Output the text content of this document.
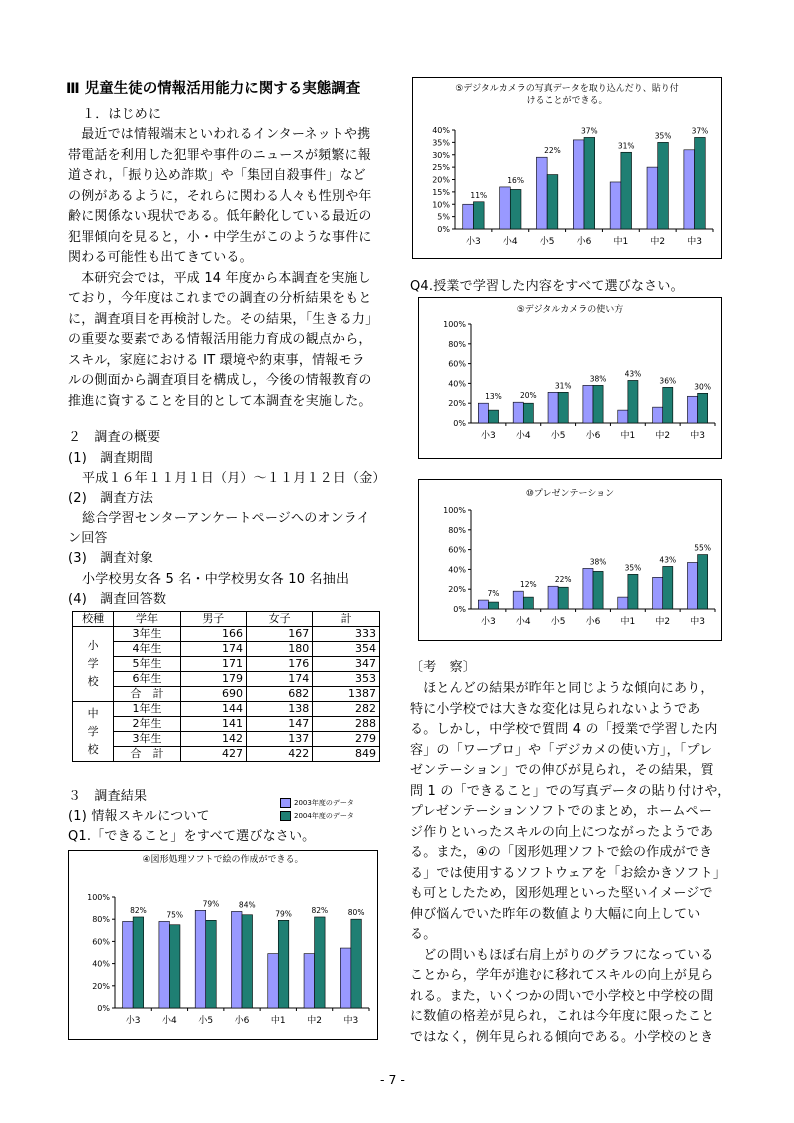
Ⅲ 児童生徒の情報活用能力に関する実態調査
１．はじめに
　最近では情報端末といわれるインターネットや携
帯電話を利用した犯罪や事件のニュースが頻繁に報
道され，「振り込め詐欺」や「集団自殺事件」など
の例があるように，それらに関わる人々も性別や年
齢に関係ない現状である。低年齢化している最近の
犯罪傾向を見ると，小・中学生がこのような事件に
関わる可能性も出てきている。
　本研究会では，平成 14 年度から本調査を実施し
ており，今年度はこれまでの調査の分析結果をもと
に，調査項目を再検討した。その結果，「生きる力」
の重要な要素である情報活用能力育成の観点から，
スキル，家庭における IT 環境や約束事，情報モラ
ルの側面から調査項目を構成し，今後の情報教育の
推進に資することを目的として本調査を実施した。
２　調査の概要
(1)　調査期間
平成１６年１１月１日（月）～１１月１２日（金）
(2)　調査方法
総合学習センターアンケートページへのオンライ
ン回答
(3)　調査対象
小学校男女各 5 名・中学校男女各 10 名抽出
(4)　調査回答数
校種	学年	男子	女子	計

小
学
校	3年生	166	167	333
	4年生	174	180	354
	5年生	171	176	347
	6年生	179	174	353
	合　計	690	682	1387

中
学
校	1年生	144	138	282
	2年生	141	147	288
	3年生	142	137	279
	合　計	427	422	849
３　調査結果
(1) 情報スキルについて
Q1.「できること」をすべて選びなさい。
2003年度のデータ
2004年度のデータ
④図形処理ソフトで絵の作成ができる。
0%
20%
40%
60%
80%
100%
小3
82%
小4
75%
小5
79%
小6
84%
中1
79%
中2
82%
中3
80%
⑤デジタルカメラの写真データを取り込んだり、貼り付
けることができる。
0%
5%
10%
15%
20%
25%
30%
35%
40%
小3
11%
小4
16%
小5
22%
小6
37%
中1
31%
中2
35%
中3
37%
Q4.授業で学習した内容をすべて選びなさい。
⑤デジタルカメラの使い方
0%
20%
40%
60%
80%
100%
小3
13%
小4
20%
小5
31%
小6
38%
中1
43%
中2
36%
中3
30%
⑩プレゼンテーション
0%
20%
40%
60%
80%
100%
小3
7%
小4
12%
小5
22%
小6
38%
中1
35%
中2
43%
中3
55%
〔考　察〕
　ほとんどの結果が昨年と同じような傾向にあり，
特に小学校では大きな変化は見られないようであ
る。しかし，中学校で質問 4 の「授業で学習した内
容」の「ワープロ」や「デジカメの使い方」，「プレ
ゼンテーション」での伸びが見られ，その結果，質
問 1 の「できること」での写真データの貼り付けや，
プレゼンテーションソフトでのまとめ，ホームペー
ジ作りといったスキルの向上につながったようであ
る。また，④の「図形処理ソフトで絵の作成ができ
る」では使用するソフトウェアを「お絵かきソフト」
も可としたため，図形処理といった堅いイメージで
伸び悩んでいた昨年の数値より大幅に向上してい
る。
　どの問いもほぼ右肩上がりのグラフになっている
ことから，学年が進むに移れてスキルの向上が見ら
れる。また，いくつかの問いで小学校と中学校の間
に数値の格差が見られ，これは今年度に限ったこと
ではなく，例年見られる傾向である。小学校のとき
- 7 -
